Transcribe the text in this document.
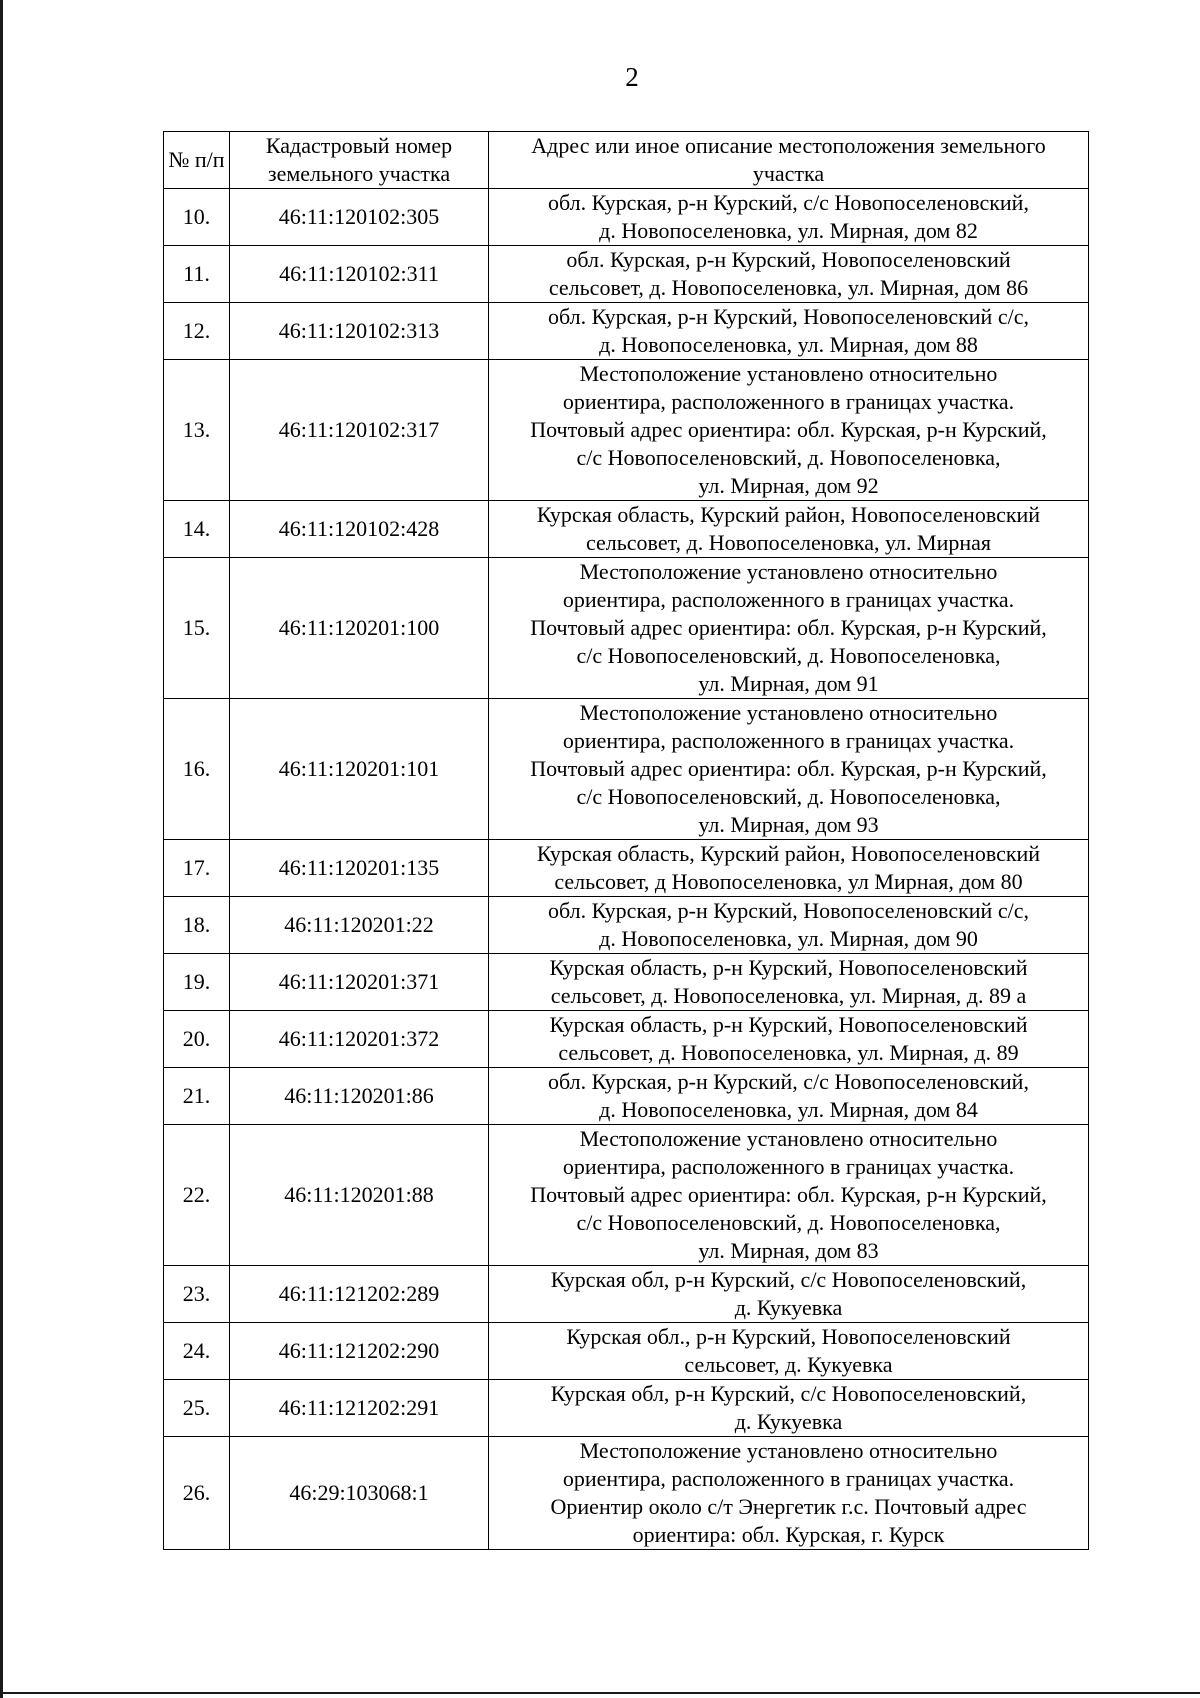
2
№ п/п	Кадастровый номер земельного участка	Адрес или иное описание местоположения земельного участка
10.	46:11:120102:305	обл. Курская, р-н Курский, с/с Новопоселеновский,
д. Новопоселеновка, ул. Мирная, дом 82
11.	46:11:120102:311	обл. Курская, р-н Курский, Новопоселеновский
сельсовет, д. Новопоселеновка, ул. Мирная, дом 86
12.	46:11:120102:313	обл. Курская, р-н Курский, Новопоселеновский с/с,
д. Новопоселеновка, ул. Мирная, дом 88
13.	46:11:120102:317	Местоположение установлено относительно
ориентира, расположенного в границах участка.
Почтовый адрес ориентира: обл. Курская, р-н Курский,
с/с Новопоселеновский, д. Новопоселеновка,
ул. Мирная, дом 92
14.	46:11:120102:428	Курская область, Курский район, Новопоселеновский
сельсовет, д. Новопоселеновка, ул. Мирная
15.	46:11:120201:100	Местоположение установлено относительно
ориентира, расположенного в границах участка.
Почтовый адрес ориентира: обл. Курская, р-н Курский,
с/с Новопоселеновский, д. Новопоселеновка,
ул. Мирная, дом 91
16.	46:11:120201:101	Местоположение установлено относительно
ориентира, расположенного в границах участка.
Почтовый адрес ориентира: обл. Курская, р-н Курский,
с/с Новопоселеновский, д. Новопоселеновка,
ул. Мирная, дом 93
17.	46:11:120201:135	Курская область, Курский район, Новопоселеновский
сельсовет, д Новопоселеновка, ул Мирная, дом 80
18.	46:11:120201:22	обл. Курская, р-н Курский, Новопоселеновский с/с,
д. Новопоселеновка, ул. Мирная, дом 90
19.	46:11:120201:371	Курская область, р-н Курский, Новопоселеновский
сельсовет, д. Новопоселеновка, ул. Мирная, д. 89 а
20.	46:11:120201:372	Курская область, р-н Курский, Новопоселеновский
сельсовет, д. Новопоселеновка, ул. Мирная, д. 89
21.	46:11:120201:86	обл. Курская, р-н Курский, с/с Новопоселеновский,
д. Новопоселеновка, ул. Мирная, дом 84
22.	46:11:120201:88	Местоположение установлено относительно
ориентира, расположенного в границах участка.
Почтовый адрес ориентира: обл. Курская, р-н Курский,
с/с Новопоселеновский, д. Новопоселеновка,
ул. Мирная, дом 83
23.	46:11:121202:289	Курская обл, р-н Курский, с/с Новопоселеновский,
д. Кукуевка
24.	46:11:121202:290	Курская обл., р-н Курский, Новопоселеновский
сельсовет, д. Кукуевка
25.	46:11:121202:291	Курская обл, р-н Курский, с/с Новопоселеновский,
д. Кукуевка
26.	46:29:103068:1	Местоположение установлено относительно
ориентира, расположенного в границах участка.
Ориентир около с/т Энергетик г.с. Почтовый адрес
ориентира: обл. Курская, г. Курск
